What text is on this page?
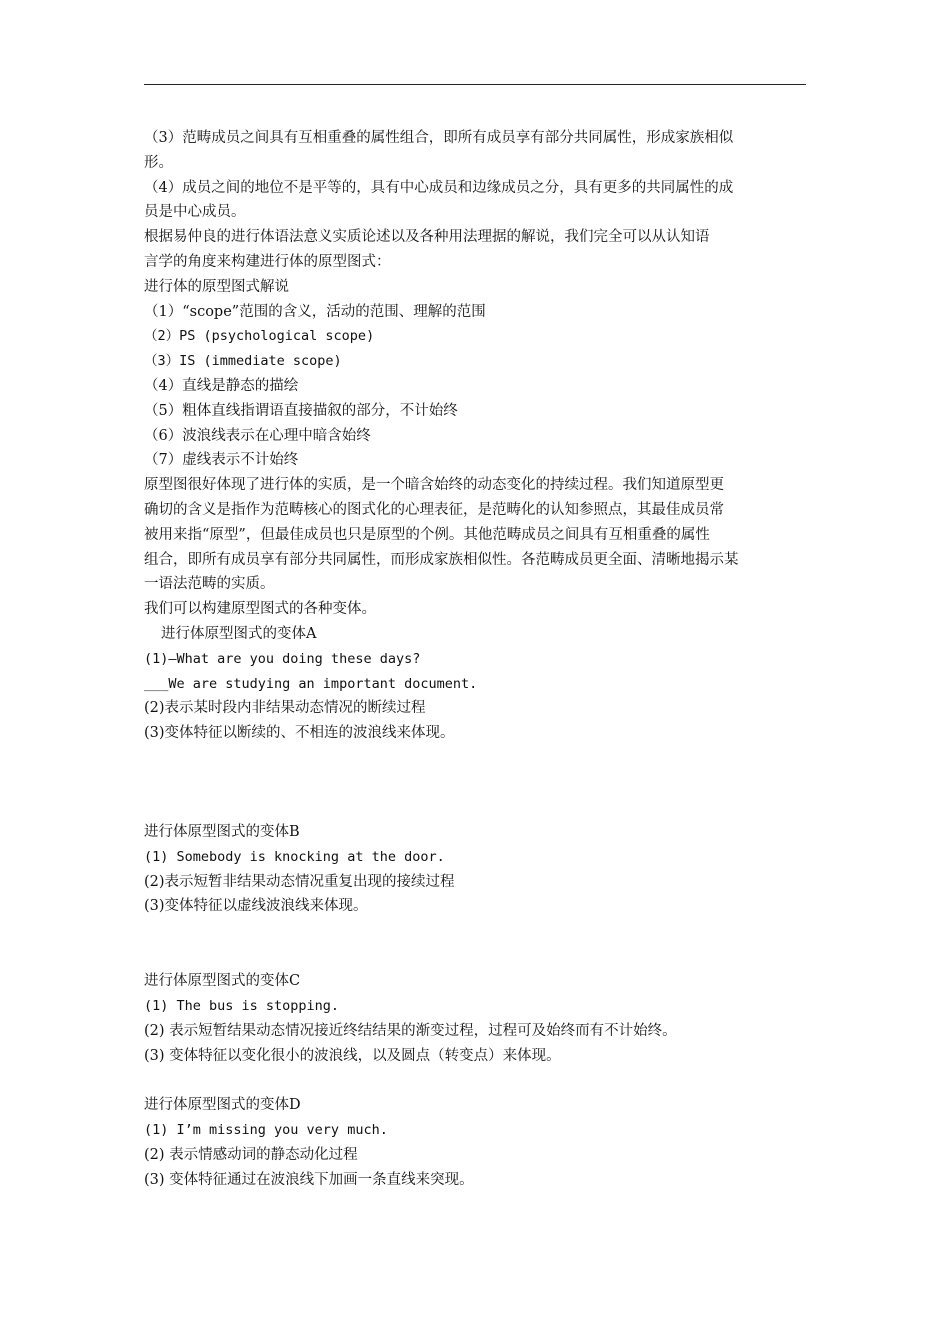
（3）范畴成员之间具有互相重叠的属性组合，即所有成员享有部分共同属性，形成家族相似
形。
（4）成员之间的地位不是平等的，具有中心成员和边缘成员之分，具有更多的共同属性的成
员是中心成员。
根据易仲良的进行体语法意义实质论述以及各种用法理据的解说，我们完全可以从认知语
言学的角度来构建进行体的原型图式：
进行体的原型图式解说
（1）“scope”范围的含义，活动的范围、理解的范围
（2）PS (psychological scope)
（3）IS (immediate scope)
（4）直线是静态的描绘
（5）粗体直线指谓语直接描叙的部分，不计始终
（6）波浪线表示在心理中暗含始终
（7）虚线表示不计始终
原型图很好体现了进行体的实质，是一个暗含始终的动态变化的持续过程。我们知道原型更
确切的含义是指作为范畴核心的图式化的心理表征，是范畴化的认知参照点，其最佳成员常
被用来指“原型”，但最佳成员也只是原型的个例。其他范畴成员之间具有互相重叠的属性
组合，即所有成员享有部分共同属性，而形成家族相似性。各范畴成员更全面、清晰地揭示某
一语法范畴的实质。
我们可以构建原型图式的各种变体。
进行体原型图式的变体A
(1)—What are you doing these days?
___We are studying an important document.
(2)表示某时段内非结果动态情况的断续过程
(3)变体特征以断续的、不相连的波浪线来体现。
进行体原型图式的变体B
(1) Somebody is knocking at the door.
(2)表示短暂非结果动态情况重复出现的接续过程
(3)变体特征以虚线波浪线来体现。
进行体原型图式的变体C
(1) The bus is stopping.
(2) 表示短暂结果动态情况接近终结结果的渐变过程，过程可及始终而有不计始终。
(3) 变体特征以变化很小的波浪线，以及圆点（转变点）来体现。
进行体原型图式的变体D
(1) I’m missing you very much.
(2) 表示情感动词的静态动化过程
(3) 变体特征通过在波浪线下加画一条直线来突现。
